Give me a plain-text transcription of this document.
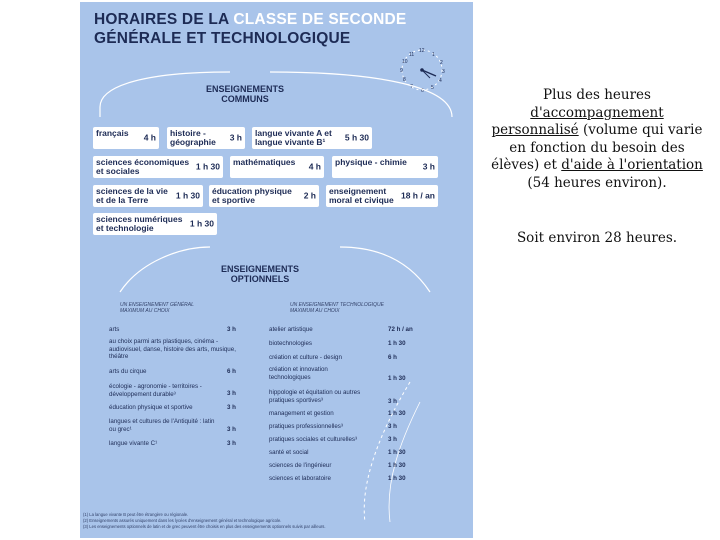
HORAIRES DE LA CLASSE DE SECONDE
GÉNÉRALE ET TECHNOLOGIQUE
12
1
2
3
4
5
6
7
8
9
10
11
ENSEIGNEMENTS
COMMUNS
français 4 h	histoire - géographie 3 h	langue vivante A et langue vivante B¹ 5 h 30
sciences économiques et sociales	1 h 30	mathématiques 4 h	physique - chimie 3 h
sciences de la vie et de la Terre	1 h 30	éducation physique et sportive	2 h	enseignement moral et civique 18 h / an
sciences numériques et technologie	1 h 30
ENSEIGNEMENTS
OPTIONNELS
UN ENSEIGNEMENT GÉNÉRAL
MAXIMUM AU CHOIX
UN ENSEIGNEMENT TECHNOLOGIQUE
MAXIMUM AU CHOIX
arts	3 h
au choix parmi arts plastiques, cinéma - audiovisuel, danse, histoire des arts, musique, théâtre
arts du cirque	6 h
écologie - agronomie - territoires - développement durable³	3 h
éducation physique et sportive	3 h
langues et cultures de l'Antiquité : latin ou grec¹	3 h
langue vivante C¹	3 h
atelier artistique	72 h / an
biotechnologies	1 h 30
création et culture - design	6 h
création et innovation technologiques	1 h 30
hippologie et équitation ou autres pratiques sportives³	3 h
management et gestion	1 h 30
pratiques professionnelles³	3 h
pratiques sociales et culturelles³	3 h
santé et social	1 h 30
sciences de l'ingénieur	1 h 30
sciences et laboratoire	1 h 30
(1) La langue vivante B peut être étrangère ou régionale.
(2) Enseignements assurés uniquement dans les lycées d'enseignement général et technologique agricole.
(3) Les enseignements optionnels de latin et de grec peuvent être choisis en plus des enseignements optionnels suivis par ailleurs.
Plus des heures
d'accompagnement
personnalisé (volume qui varie
en fonction du besoin des
élèves) et d'aide à l'orientation
(54 heures environ).
Soit environ 28 heures.
